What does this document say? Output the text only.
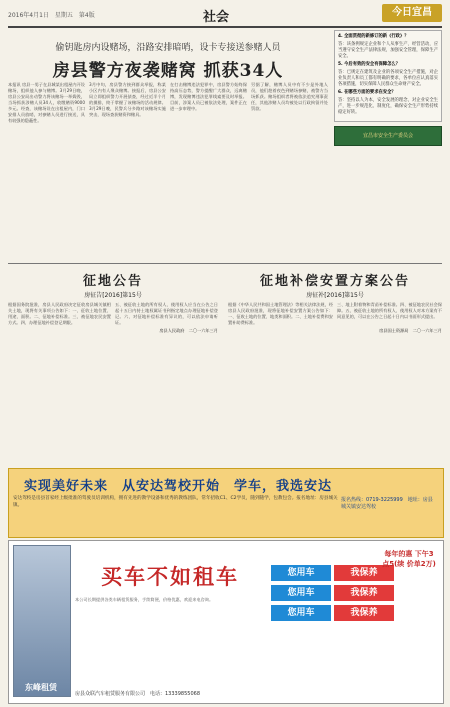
2016年4月1日　星期五　第4版	社会	今日宜昌
偷钥匙房内设赌场，沿路安排暗哨，设卡专接送参赌人员
房县警方夜袭赌窝 抓获34人
本报讯 房县一男子在县城某出租屋内开设赌场，组织他人参与赌博。3月29日晚，房县公安局出动警力将该赌场一举捣毁，当场抓获涉赌人员34人，收缴赌资9000多元。经查，该赌场设在出租屋内，门口安排人员放哨，对参赌人员进行接送，具有较强的隐蔽性。
3月中旬，房县警方接到群众举报，称某小区内有人聚众赌博。接报后，房县公安局立即组织警力开展侦查，经过近半个月的摸排，终于掌握了该赌场的活动规律。3月29日晚，民警兵分多路对该赌场实施突击，现场查获赌资和赌具。
在打击赌博违法犯罪中，房县警方始终保持高压态势，警方提醒广大群众，远离赌博，发现赌博违法犯罪线索要及时举报。目前，涉案人员已被依法处理，案件正在进一步审理中。
另据了解，赌博人员中有不少是外地人员，他们趁着夜色到赌场参赌，被警方当场抓获。赌场组织者将被依法追究刑事责任，其他涉赌人员均被处以行政拘留并处罚款。

4. 全面贯彻的新修订的新《行政》？

答：该条例规定企业和个人从事生产、经营活动，应当遵守安全生产法律法规，加强安全管理，保障生产安全。

5. 今后有效的安全有保障怎么？

答：已规定在建筑及企业的各项安全生产措施，对企业负责人和员工都有明确的要求，各单位应认真落实各项措施，切实保障人民群众生命财产安全。

6. 在哪些方面的要求在安全？

答：坚持以人为本，安全发展的理念，对企业安全生产，进一步规范化、制度化，确保安全生产形势持续稳定好转。

宜昌市安全生产委员会
征地公告
房征告[2016]第15号
根据国务院批准，房县人民政府决定征收房县城关镇相关土地，现将有关事项公告如下：一、征收土地位置、用途、面积。二、征地补偿标准。三、被征地农民安置方式。四、办理征地补偿登记期限。
五、被征收土地的所有权人、使用权人应当在公告之日起十五日内持土地权属证书到指定地点办理征地补偿登记。六、对征地补偿标准有异议的，可以依法申请听证。
房县人民政府　二〇一六年三月
征地补偿安置方案公告
房征补[2016]第15号
根据《中华人民共和国土地管理法》等相关法律法规，经房县人民政府批准，现将征地补偿安置方案公告如下：一、征收土地的位置、地类和面积。二、土地补偿费和安置补助费标准。
三、地上附着物和青苗补偿标准。四、被征地农民社会保障。五、被征收土地的所有权人、使用权人对本方案有不同意见的，可以在公告之日起十日内以书面形式提出。
房县国土资源局　二〇一六年三月
实现美好未来　从安达驾校开始　学车，我选安达
安达驾校是房县首家经上级批准的驾驶员培训机构，拥有先进的教学设备和优秀的教练团队，常年招收C1、C2学员，随到随学，包教包会。报名地址：房县城关镇。
报名热线：0719-3225999　地址：房县城关镇安达驾校
东峰租赁
买车不如租车
本公司长期提供各类车辆租赁服务，手续简便，价格优惠，欢迎来电咨询。
您用车	我保养
您用车	我保养
您用车	我保养
每年的惠 下午3点5(续 价单2万)
房县众联汽车租赁服务有限公司　电话：13339855068
